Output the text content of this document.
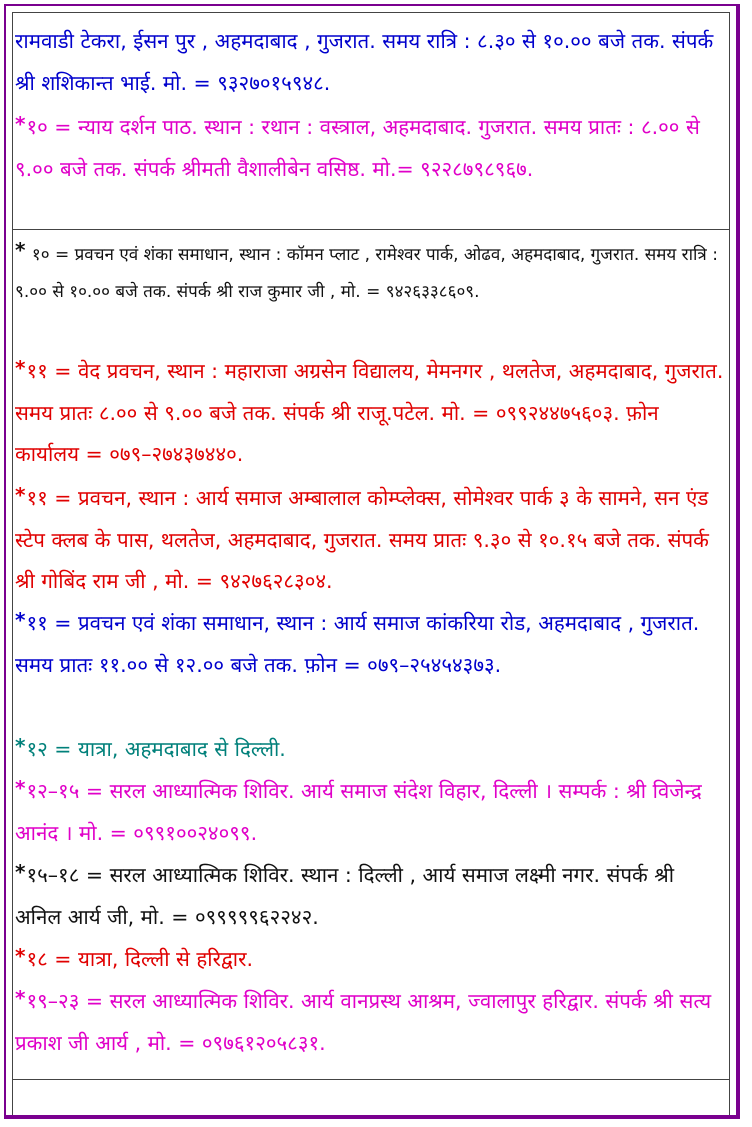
रामवाडी टेकरा, ईसन पुर , अहमदाबाद , गुजरात. समय रात्रि : ८.३० से १०.०० बजे तक. संपर्क श्री शशिकान्त भाई. मो. = ९३२७०१५९४८.
*१० = न्याय दर्शन पाठ. स्थान : रथान : वस्त्राल, अहमदाबाद. गुजरात. समय प्रातः : ८.०० से ९.०० बजे तक. संपर्क श्रीमती वैशालीबेन वसिष्ठ. मो.= ९२२८७९८९६७.
* १० = प्रवचन एवं शंका समाधान, स्थान : कॉमन प्लाट , रामेश्वर पार्क, ओढव, अहमदाबाद, गुजरात. समय रात्रि : ९.०० से १०.०० बजे तक. संपर्क श्री राज कुमार जी , मो. = ९४२६३३८६०९.
*११ = वेद प्रवचन, स्थान : महाराजा अग्रसेन विद्यालय, मेमनगर , थलतेज, अहमदाबाद, गुजरात. समय प्रातः ८.०० से ९.०० बजे तक. संपर्क श्री राजू.पटेल. मो. = ०९९२४४७५६०३. फ़ोन कार्यालय = ०७९–२७४३७४४०.
*११ = प्रवचन, स्थान : आर्य समाज अम्बालाल कोम्प्लेक्स, सोमेश्वर पार्क ३ के सामने, सन एंड स्टेप क्लब के पास, थलतेज, अहमदाबाद, गुजरात. समय प्रातः ९.३० से १०.१५ बजे तक. संपर्क श्री गोबिंद राम जी , मो. = ९४२७६२८३०४.
*११ = प्रवचन एवं शंका समाधान, स्थान : आर्य समाज कांकरिया रोड, अहमदाबाद , गुजरात. समय प्रातः ११.०० से १२.०० बजे तक. फ़ोन = ०७९–२५४५४३७३.
*१२ = यात्रा, अहमदाबाद से दिल्ली.
*१२–१५ = सरल आध्यात्मिक शिविर. आर्य समाज संदेश विहार, दिल्ली । सम्पर्क : श्री विजेन्द्र आनंद । मो. = ०९९१००२४०९९.
*१५–१८ = सरल आध्यात्मिक शिविर. स्थान : दिल्ली , आर्य समाज लक्ष्मी नगर. संपर्क श्री अनिल आर्य जी, मो. = ०९९९९९६२२४२.
*१८ = यात्रा, दिल्ली से हरिद्वार.
*१९–२३ = सरल आध्यात्मिक शिविर. आर्य वानप्रस्थ आश्रम, ज्वालापुर हरिद्वार. संपर्क श्री सत्य प्रकाश जी आर्य , मो. = ०९७६१२०५८३१.
